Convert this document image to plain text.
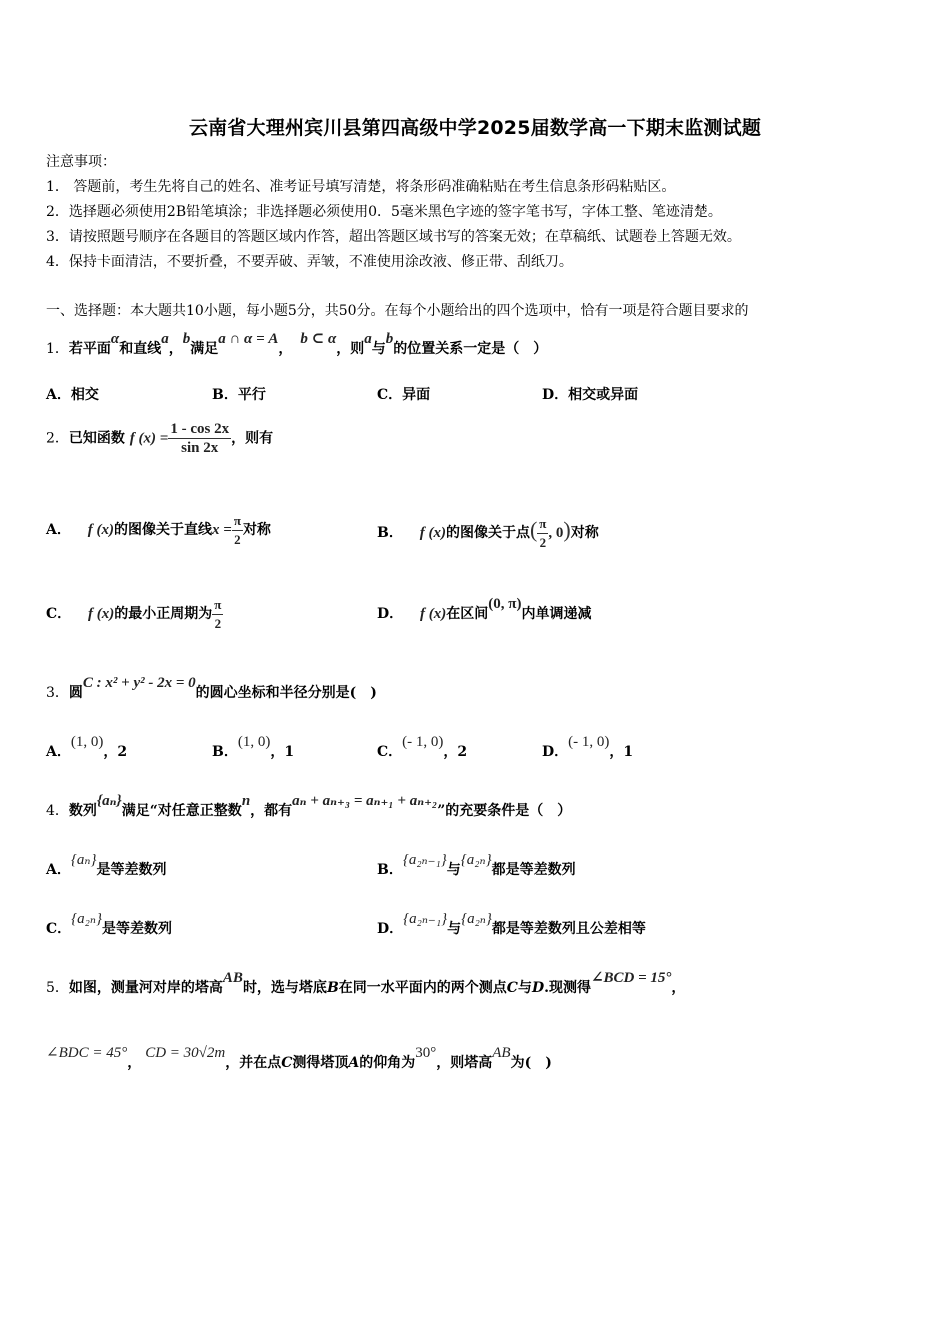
云南省大理州宾川县第四高级中学2025届数学高一下期末监测试题
注意事项：
1． 答题前，考生先将自己的姓名、准考证号填写清楚，将条形码准确粘贴在考生信息条形码粘贴区。
2．选择题必须使用2B铅笔填涂；非选择题必须使用0．5毫米黑色字迹的签字笔书写，字体工整、笔迹清楚。
3．请按照题号顺序在各题目的答题区域内作答，超出答题区域书写的答案无效；在草稿纸、试题卷上答题无效。
4．保持卡面清洁，不要折叠，不要弄破、弄皱，不准使用涂改液、修正带、刮纸刀。
一、选择题：本大题共10小题，每小题5分，共50分。在每个小题给出的四个选项中，恰有一项是符合题目要求的
1．若平面α和直线a，b满足a ∩ α = A，b ⊂ α，则a与b的位置关系一定是（　）
A．相交	B．平行	C．异面	D．相交或异面
2．已知函数 f $(x) = \frac{1 - \cos 2x}{\sin 2x}$ ，则有
A． f (x)的图像关于直线$x = \frac{\pi}{2}$ 对称	B． f (x)的图像关于点( $\frac{\pi}{2}$ , 0)对称
C． f (x)的最小正周期为 $\frac{\pi}{2}$	D． f (x)在区间(0, π)内单调递减
3．圆C : x² + y² - 2x = 0的圆心坐标和半径分别是(　)
A．(1, 0)，2	B．(1, 0)，1	C．(- 1, 0)，2	D．(- 1, 0)，1
4．数列{aₙ}满足“对任意正整数n，都有aₙ + aₙ₊₃ = aₙ₊₁ + aₙ₊₂”的充要条件是（　）
A．{aₙ}是等差数列	B．{a₂ₙ₋₁}与{a₂ₙ}都是等差数列
C．{a₂ₙ}是等差数列	D．{a₂ₙ₋₁}与{a₂ₙ}都是等差数列且公差相等
5．如图，测量河对岸的塔高AB时，选与塔底B在同一水平面内的两个测点C与D.现测得∠BCD = 15°，
∠BDC = 45°，CD = 30√2m，并在点C测得塔顶A的仰角为30°，则塔高AB为(　)
